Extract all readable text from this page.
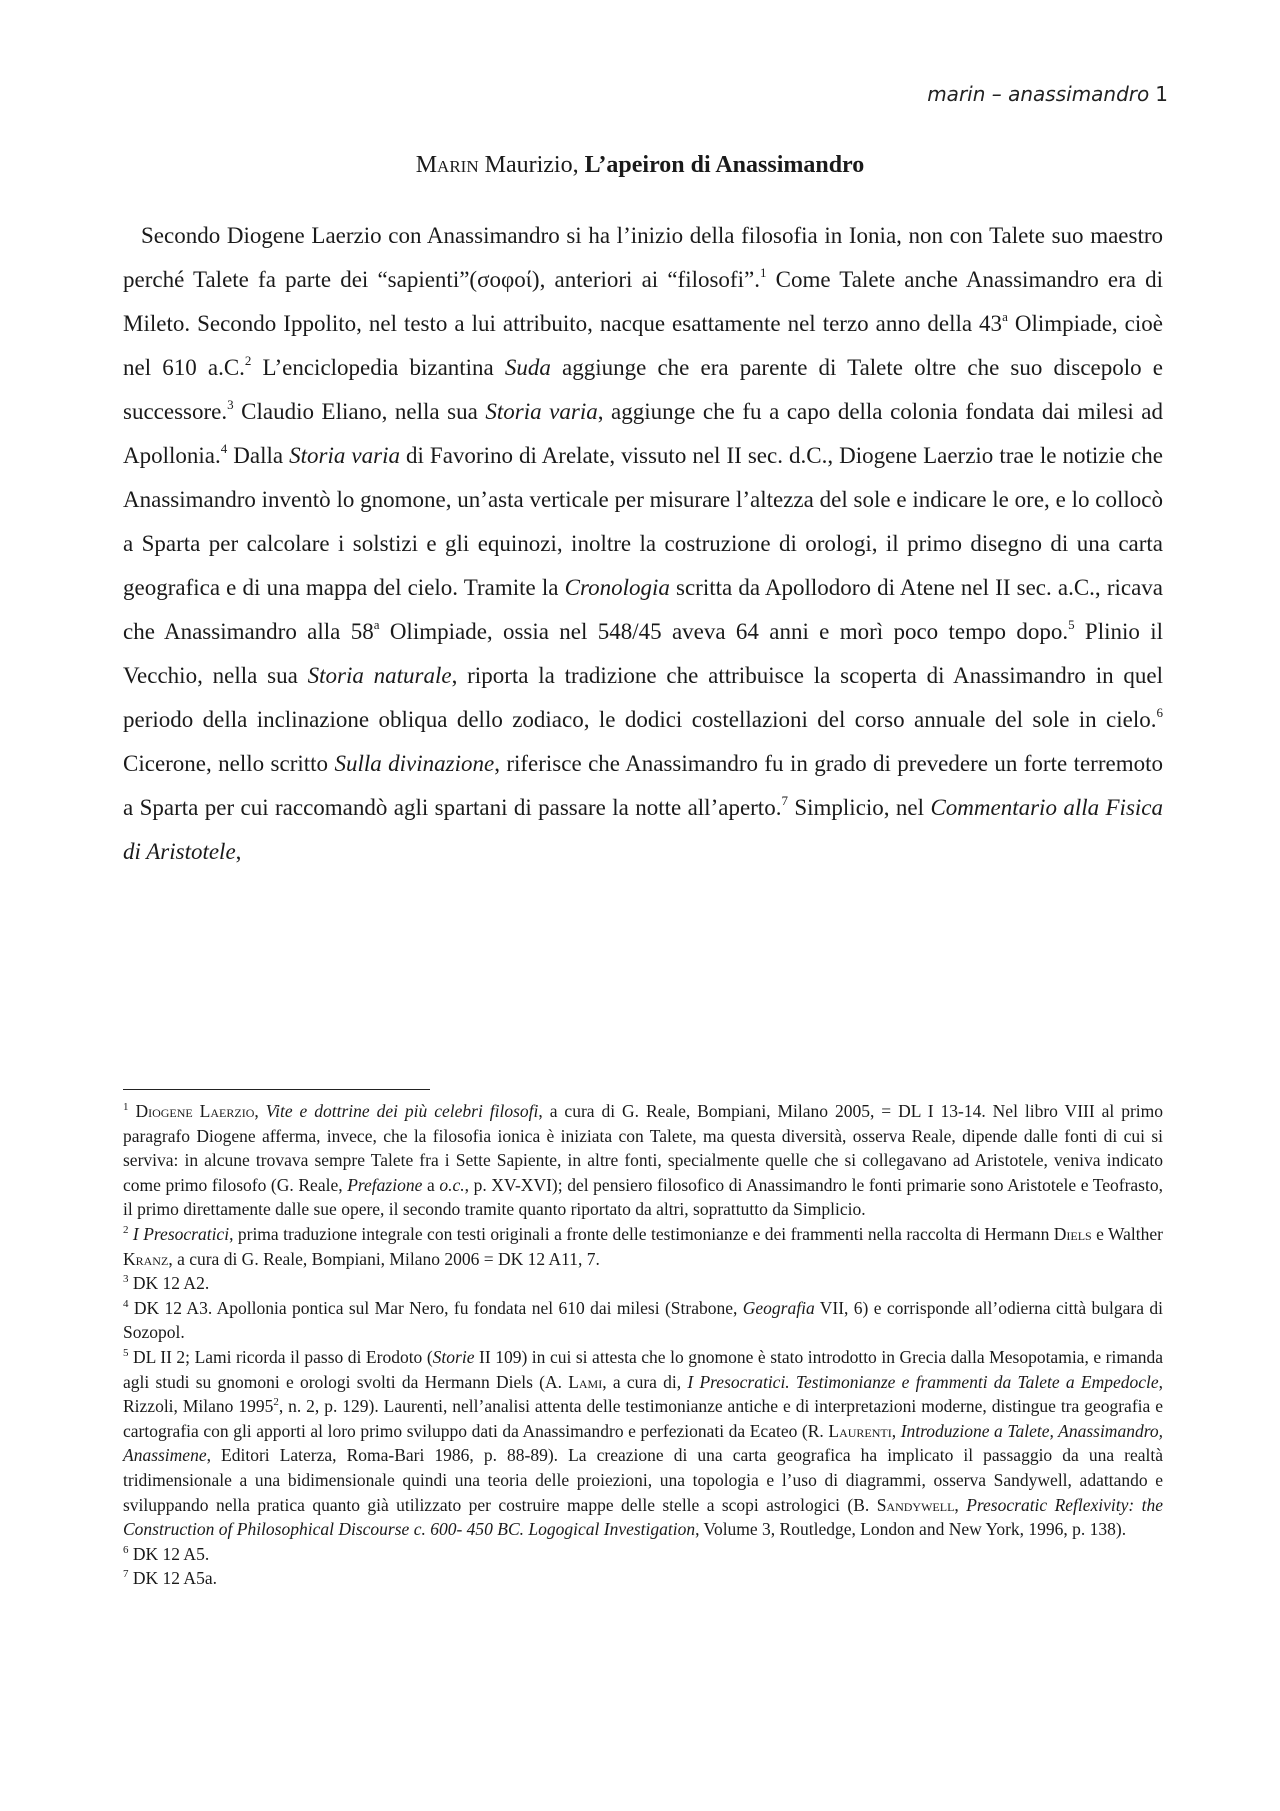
marin – anassimandro 1
Marin Maurizio, L’apeiron di Anassimandro
Secondo Diogene Laerzio con Anassimandro si ha l’inizio della filosofia in Ionia, non con Talete suo maestro perché Talete fa parte dei “sapienti”(σοφοί), anteriori ai “filosofi”.$^1$ Come Talete anche Anassimandro era di Mileto. Secondo Ippolito, nel testo a lui attribuito, nacque esattamente nel terzo anno della 43$^a$ Olimpiade, cioè nel 610 a.C.$^2$ L’enciclopedia bizantina Suda aggiunge che era parente di Talete oltre che suo discepolo e successore.$^3$ Claudio Eliano, nella sua Storia varia, aggiunge che fu a capo della colonia fondata dai milesi ad Apollonia.$^4$ Dalla Storia varia di Favorino di Arelate, vissuto nel II sec. d.C., Diogene Laerzio trae le notizie che Anassimandro inventò lo gnomone, un’asta verticale per misurare l’altezza del sole e indicare le ore, e lo collocò a Sparta per calcolare i solstizi e gli equinozi, inoltre la costruzione di orologi, il primo disegno di una carta geografica e di una mappa del cielo. Tramite la Cronologia scritta da Apollodoro di Atene nel II sec. a.C., ricava che Anassimandro alla 58$^a$ Olimpiade, ossia nel 548/45 aveva 64 anni e morì poco tempo dopo.$^5$ Plinio il Vecchio, nella sua Storia naturale, riporta la tradizione che attribuisce la scoperta di Anassimandro in quel periodo della inclinazione obliqua dello zodiaco, le dodici costellazioni del corso annuale del sole in cielo.$^6$ Cicerone, nello scritto Sulla divinazione, riferisce che Anassimandro fu in grado di prevedere un forte terremoto a Sparta per cui raccomandò agli spartani di passare la notte all’aperto.$^7$ Simplicio, nel Commentario alla Fisica di Aristotele,
$^1$ Diogene Laerzio, Vite e dottrine dei più celebri filosofi, a cura di G. Reale, Bompiani, Milano 2005, = DL I 13-14. Nel libro VIII al primo paragrafo Diogene afferma, invece, che la filosofia ionica è iniziata con Talete, ma questa diversità, osserva Reale, dipende dalle fonti di cui si serviva: in alcune trovava sempre Talete fra i Sette Sapiente, in altre fonti, specialmente quelle che si collegavano ad Aristotele, veniva indicato come primo filosofo (G. Reale, Prefazione a o.c., p. XV-XVI); del pensiero filosofico di Anassimandro le fonti primarie sono Aristotele e Teofrasto, il primo direttamente dalle sue opere, il secondo tramite quanto riportato da altri, soprattutto da Simplicio.
$^2$ I Presocratici, prima traduzione integrale con testi originali a fronte delle testimonianze e dei frammenti nella raccolta di Hermann Diels e Walther Kranz, a cura di G. Reale, Bompiani, Milano 2006 = DK 12 A11, 7.
$^3$ DK 12 A2.
$^4$ DK 12 A3. Apollonia pontica sul Mar Nero, fu fondata nel 610 dai milesi (Strabone, Geografia VII, 6) e corrisponde all’odierna città bulgara di Sozopol.
$^5$ DL II 2; Lami ricorda il passo di Erodoto (Storie II 109) in cui si attesta che lo gnomone è stato introdotto in Grecia dalla Mesopotamia, e rimanda agli studi su gnomoni e orologi svolti da Hermann Diels (A. Lami, a cura di, I Presocratici. Testimonianze e frammenti da Talete a Empedocle, Rizzoli, Milano 1995$^2$, n. 2, p. 129). Laurenti, nell’analisi attenta delle testimonianze antiche e di interpretazioni moderne, distingue tra geografia e cartografia con gli apporti al loro primo sviluppo dati da Anassimandro e perfezionati da Ecateo (R. Laurenti, Introduzione a Talete, Anassimandro, Anassimene, Editori Laterza, Roma-Bari 1986, p. 88-89). La creazione di una carta geografica ha implicato il passaggio da una realtà tridimensionale a una bidimensionale quindi una teoria delle proiezioni, una topologia e l’uso di diagrammi, osserva Sandywell, adattando e sviluppando nella pratica quanto già utilizzato per costruire mappe delle stelle a scopi astrologici (B. Sandywell, Presocratic Reflexivity: the Construction of Philosophical Discourse c. 600- 450 BC. Logogical Investigation, Volume 3, Routledge, London and New York, 1996, p. 138).
$^6$ DK 12 A5.
$^7$ DK 12 A5a.
